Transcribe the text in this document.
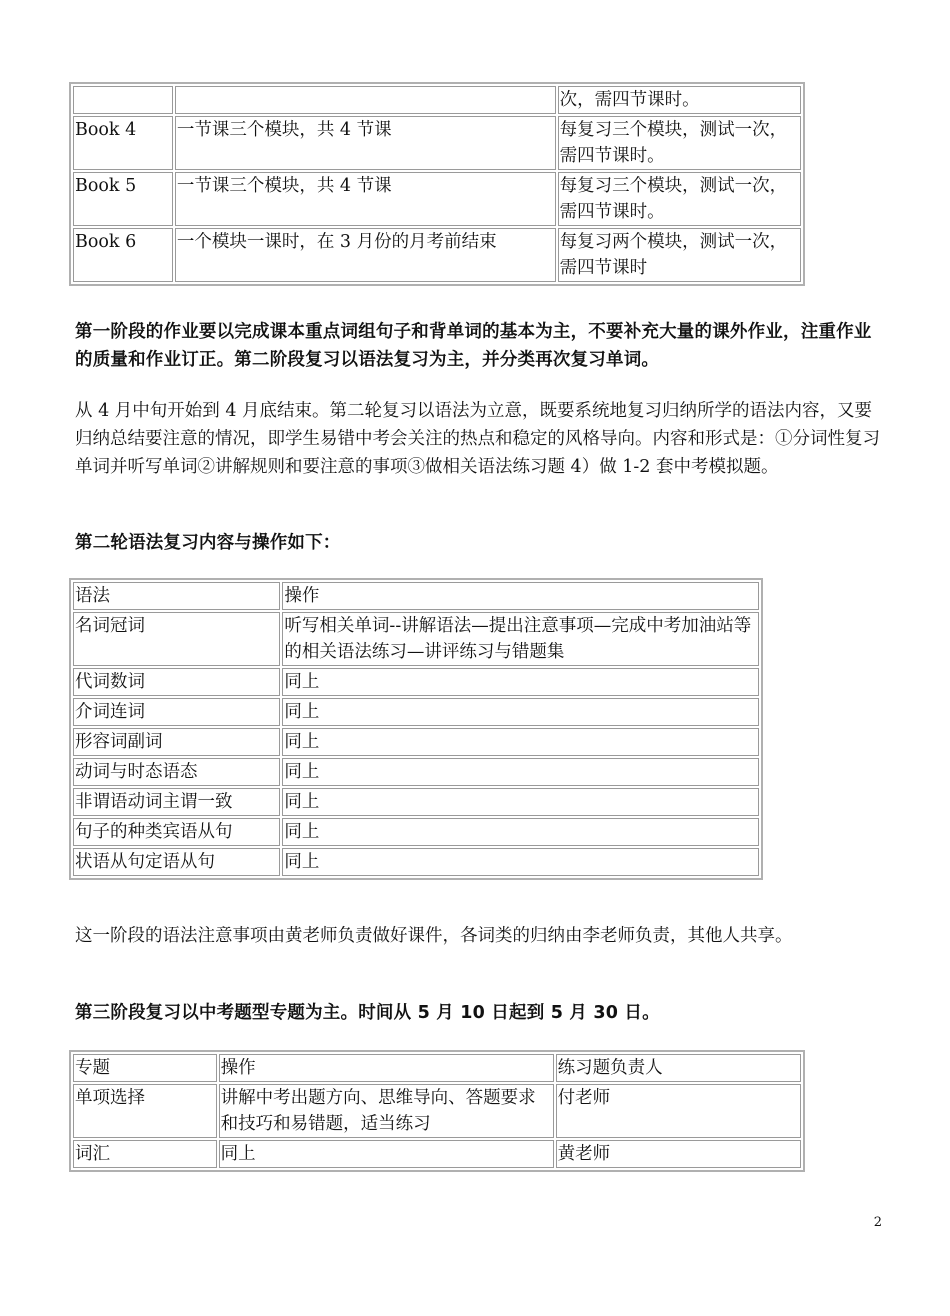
		次，需四节课时。
Book 4	一节课三个模块，共 4 节课	每复习三个模块，测试一次，需四节课时。
Book 5	一节课三个模块，共 4 节课	每复习三个模块，测试一次，需四节课时。
Book 6	一个模块一课时，在 3 月份的月考前结束	每复习两个模块，测试一次，需四节课时

第一阶段的作业要以完成课本重点词组句子和背单词的基本为主，不要补充大量的课外作业，注重作业的质量和作业订正。第二阶段复习以语法复习为主，并分类再次复习单词。

从 4 月中旬开始到 4 月底结束。第二轮复习以语法为立意，既要系统地复习归纳所学的语法内容，又要归纳总结要注意的情况，即学生易错中考会关注的热点和稳定的风格导向。内容和形式是：①分词性复习单词并听写单词②讲解规则和要注意的事项③做相关语法练习题 4）做 1-2 套中考模拟题。

第二轮语法复习内容与操作如下：

语法	操作
名词冠词	听写相关单词--讲解语法—提出注意事项—完成中考加油站等的相关语法练习—讲评练习与错题集
代词数词	同上
介词连词	同上
形容词副词	同上
动词与时态语态	同上
非谓语动词主谓一致	同上
句子的种类宾语从句	同上
状语从句定语从句	同上

这一阶段的语法注意事项由黄老师负责做好课件，各词类的归纳由李老师负责，其他人共享。

第三阶段复习以中考题型专题为主。时间从 5 月 10 日起到 5 月 30 日。

专题	操作	练习题负责人
单项选择	讲解中考出题方向、思维导向、答题要求和技巧和易错题，适当练习	付老师
词汇	同上	黄老师
2
